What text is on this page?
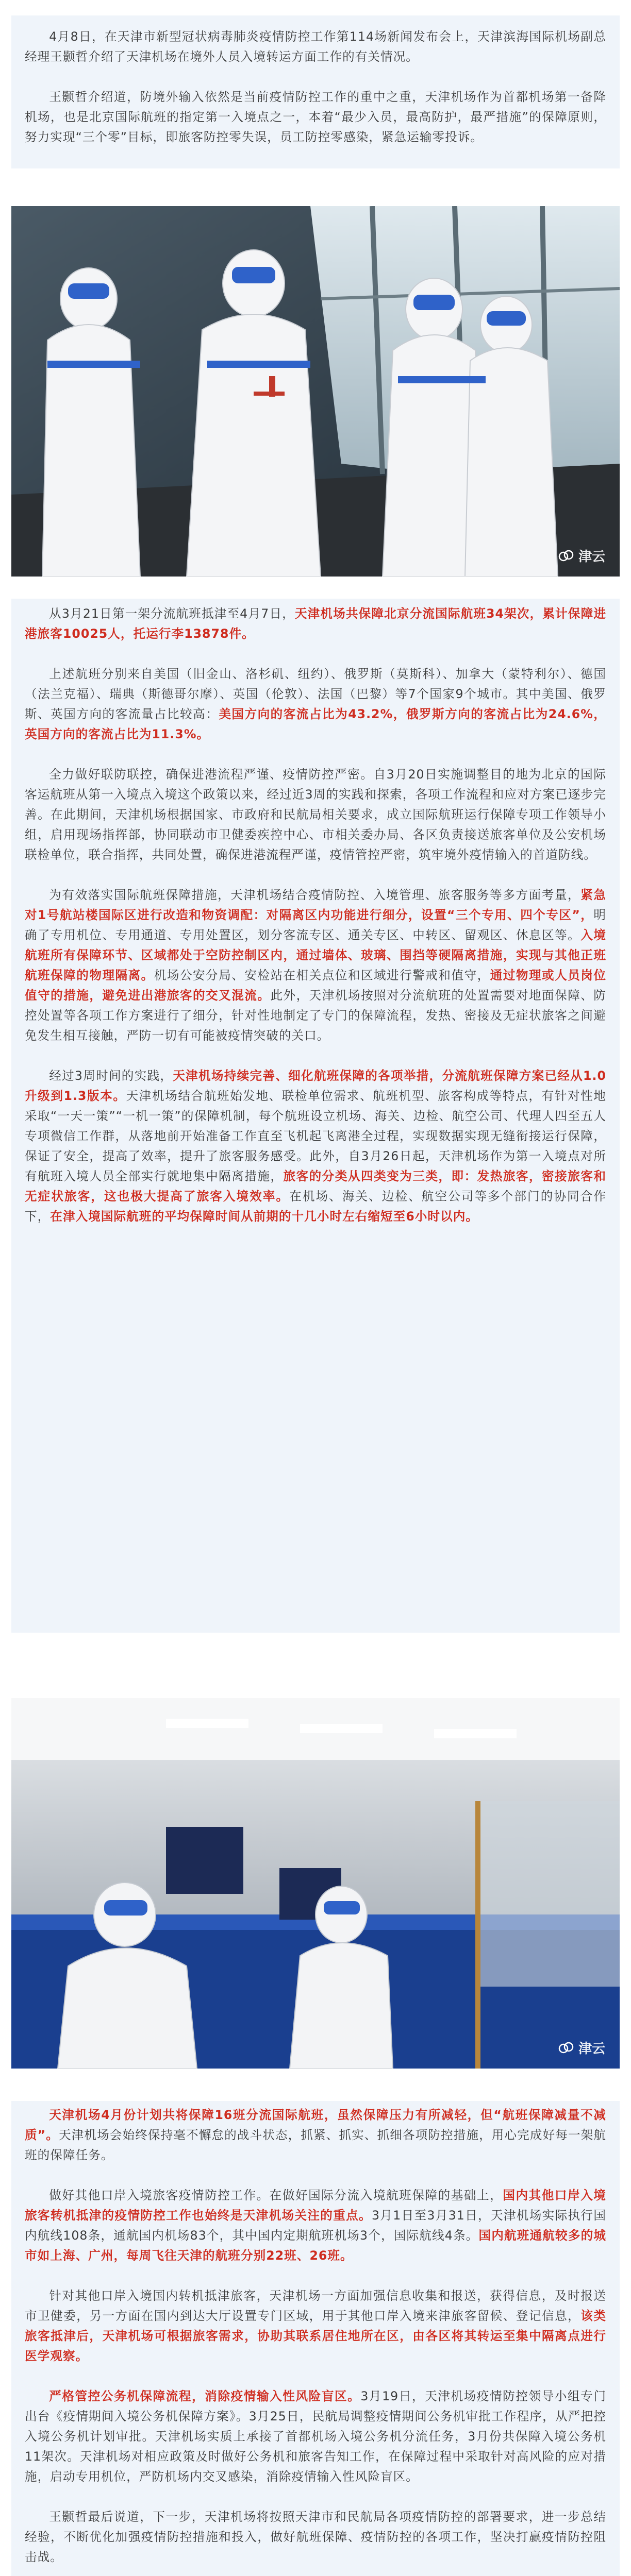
4月8日，在天津市新型冠状病毒肺炎疫情防控工作第114场新闻发布会上，天津滨海国际机场副总经理王颢哲介绍了天津机场在境外人员入境转运方面工作的有关情况。

王颢哲介绍道，防境外输入依然是当前疫情防控工作的重中之重，天津机场作为首都机场第一备降机场，也是北京国际航班的指定第一入境点之一，本着“最少入员，最高防护，最严措施”的保障原则，努力实现“三个零”目标，即旅客防控零失误，员工防控零感染，紧急运输零投诉。

津云

从3月21日第一架分流航班抵津至4月7日，天津机场共保障北京分流国际航班34架次，累计保障进港旅客10025人，托运行李13878件。

上述航班分别来自美国（旧金山、洛杉矶、纽约）、俄罗斯（莫斯科）、加拿大（蒙特利尔）、德国（法兰克福）、瑞典（斯德哥尔摩）、英国（伦敦）、法国（巴黎）等7个国家9个城市。其中美国、俄罗斯、英国方向的客流量占比较高：美国方向的客流占比为43.2%，俄罗斯方向的客流占比为24.6%，英国方向的客流占比为11.3%。

全力做好联防联控，确保进港流程严谨、疫情防控严密。自3月20日实施调整目的地为北京的国际客运航班从第一入境点入境这个政策以来，经过近3周的实践和探索，各项工作流程和应对方案已逐步完善。在此期间，天津机场根据国家、市政府和民航局相关要求，成立国际航班运行保障专项工作领导小组，启用现场指挥部，协同联动市卫健委疾控中心、市相关委办局、各区负责接送旅客单位及公安机场联检单位，联合指挥，共同处置，确保进港流程严谨，疫情管控严密，筑牢境外疫情输入的首道防线。

为有效落实国际航班保障措施，天津机场结合疫情防控、入境管理、旅客服务等多方面考量，紧急对1号航站楼国际区进行改造和物资调配：对隔离区内功能进行细分，设置“三个专用、四个专区”，明确了专用机位、专用通道、专用处置区，划分客流专区、通关专区、中转区、留观区、休息区等。入境航班所有保障环节、区域都处于空防控制区内，通过墙体、玻璃、围挡等硬隔离措施，实现与其他正班航班保障的物理隔离。机场公安分局、安检站在相关点位和区域进行警戒和值守，通过物理或人员岗位值守的措施，避免进出港旅客的交叉混流。此外，天津机场按照对分流航班的处置需要对地面保障、防控处置等各项工作方案进行了细分，针对性地制定了专门的保障流程，发热、密接及无症状旅客之间避免发生相互接触，严防一切有可能被疫情突破的关口。

经过3周时间的实践，天津机场持续完善、细化航班保障的各项举措，分流航班保障方案已经从1.0升级到1.3版本。天津机场结合航班始发地、联检单位需求、航班机型、旅客构成等特点，有针对性地采取“一天一策”“一机一策”的保障机制，每个航班设立机场、海关、边检、航空公司、代理人四至五人专项微信工作群，从落地前开始准备工作直至飞机起飞离港全过程，实现数据实现无缝衔接运行保障，保证了安全，提高了效率，提升了旅客服务感受。此外，自3月26日起，天津机场作为第一入境点对所有航班入境人员全部实行就地集中隔离措施，旅客的分类从四类变为三类，即：发热旅客，密接旅客和无症状旅客，这也极大提高了旅客入境效率。在机场、海关、边检、航空公司等多个部门的协同合作下，在津入境国际航班的平均保障时间从前期的十几小时左右缩短至6小时以内。

津云

天津机场4月份计划共将保障16班分流国际航班，虽然保障压力有所减轻，但“航班保障减量不减质”。天津机场会始终保持毫不懈怠的战斗状态，抓紧、抓实、抓细各项防控措施，用心完成好每一架航班的保障任务。

做好其他口岸入境旅客疫情防控工作。在做好国际分流入境航班保障的基础上，国内其他口岸入境旅客转机抵津的疫情防控工作也始终是天津机场关注的重点。3月1日至3月31日，天津机场实际执行国内航线108条，通航国内机场83个，其中国内定期航班机场3个，国际航线4条。国内航班通航较多的城市如上海、广州，每周飞往天津的航班分别22班、26班。

针对其他口岸入境国内转机抵津旅客，天津机场一方面加强信息收集和报送，获得信息，及时报送市卫健委，另一方面在国内到达大厅设置专门区域，用于其他口岸入境来津旅客留候、登记信息，该类旅客抵津后，天津机场可根据旅客需求，协助其联系居住地所在区，由各区将其转运至集中隔离点进行医学观察。

严格管控公务机保障流程，消除疫情输入性风险盲区。3月19日，天津机场疫情防控领导小组专门出台《疫情期间入境公务机保障方案》。3月25日，民航局调整疫情期间公务机审批工作程序，从严把控入境公务机计划审批。天津机场实质上承接了首都机场入境公务机分流任务，3月份共保障入境公务机11架次。天津机场对相应政策及时做好公务机和旅客告知工作，在保障过程中采取针对高风险的应对措施，启动专用机位，严防机场内交叉感染，消除疫情输入性风险盲区。

王颢哲最后说道，下一步，天津机场将按照天津市和民航局各项疫情防控的部署要求，进一步总结经验，不断优化加强疫情防控措施和投入，做好航班保障、疫情防控的各项工作，坚决打赢疫情防控阻击战。
